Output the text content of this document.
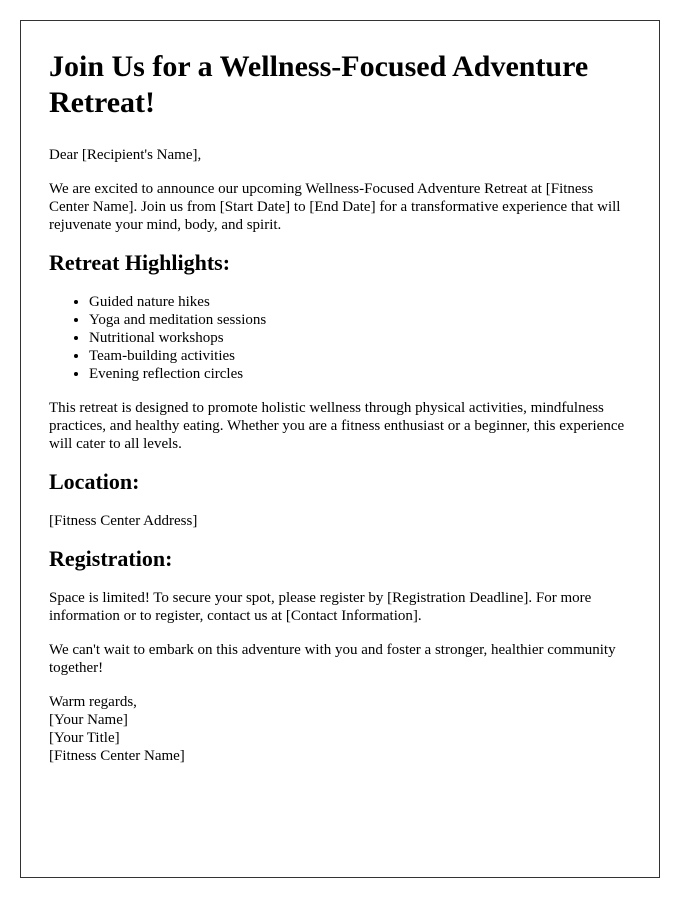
Join Us for a Wellness-Focused Adventure Retreat!

Dear [Recipient's Name],

We are excited to announce our upcoming Wellness-Focused Adventure Retreat at [Fitness Center Name]. Join us from [Start Date] to [End Date] for a transformative experience that will rejuvenate your mind, body, and spirit.

Retreat Highlights:
• Guided nature hikes
• Yoga and meditation sessions
• Nutritional workshops
• Team-building activities
• Evening reflection circles

This retreat is designed to promote holistic wellness through physical activities, mindfulness practices, and healthy eating. Whether you are a fitness enthusiast or a beginner, this experience will cater to all levels.

Location:

[Fitness Center Address]

Registration:

Space is limited! To secure your spot, please register by [Registration Deadline]. For more information or to register, contact us at [Contact Information].

We can't wait to embark on this adventure with you and foster a stronger, healthier community together!

Warm regards,
[Your Name]
[Your Title]
[Fitness Center Name]
